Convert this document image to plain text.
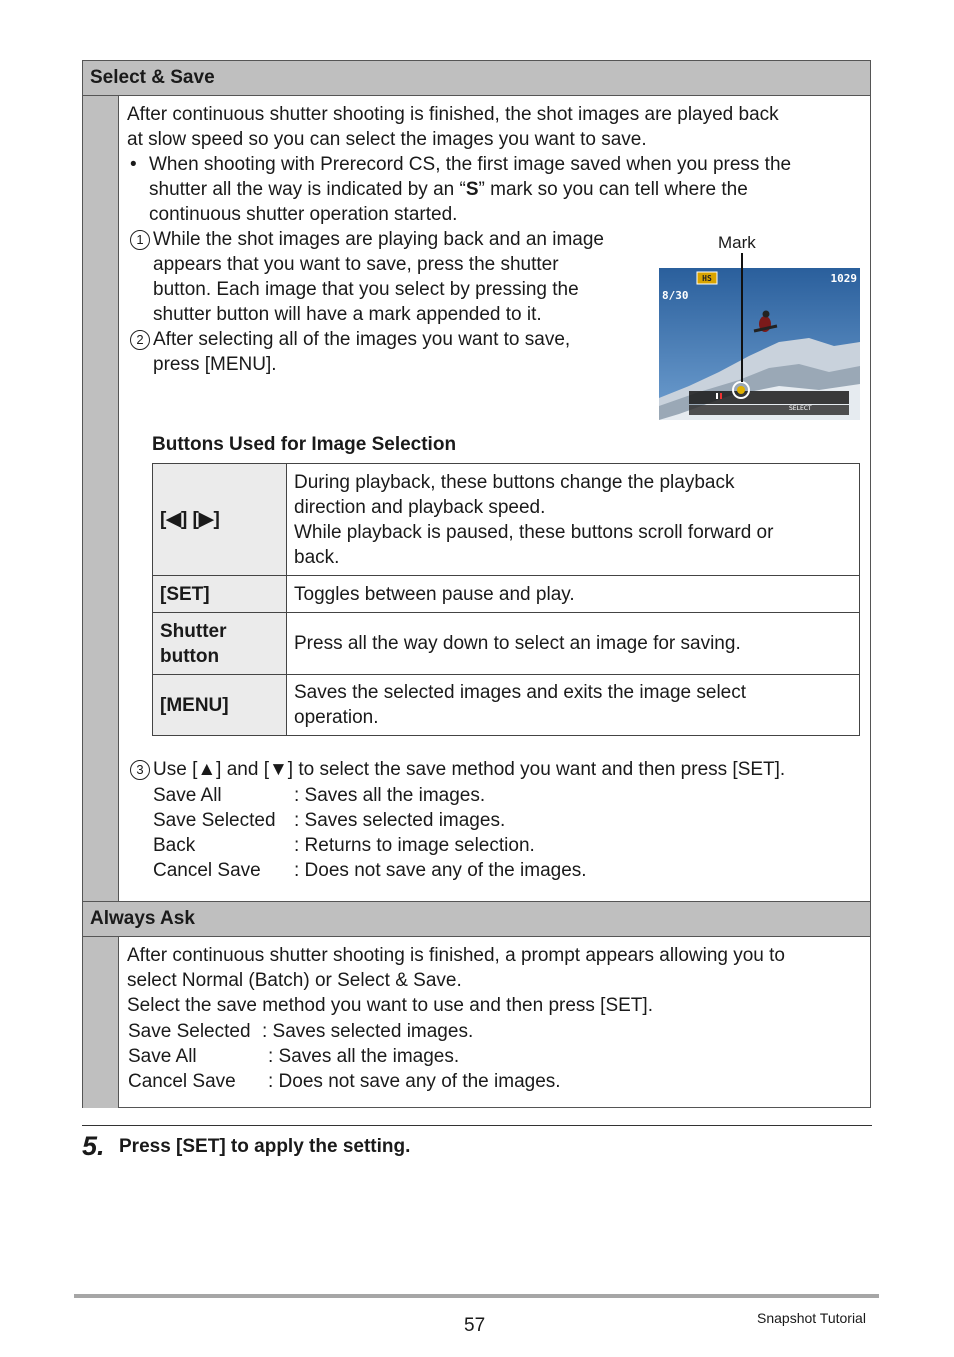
Select & Save
After continuous shutter shooting is finished, the shot images are played back
at slow speed so you can select the images you want to save.
• When shooting with Prerecord CS, the first image saved when you press the
shutter all the way is indicated by an “S” mark so you can tell where the
continuous shutter operation started.
1 While the shot images are playing back and an image
appears that you want to save, press the shutter
button. Each image that you select by pressing the
shutter button will have a mark appended to it.
2 After selecting all of the images you want to save,
press [MENU].
Mark
HS
8/30
1029
SELECT
Buttons Used for Image Selection
[◀] [▶]	During playback, these buttons change the playback
direction and playback speed.
While playback is paused, these buttons scroll forward or
back.

[SET]	Toggles between pause and play.

Shutter
button	Press all the way down to select an image for saving.
[MENU]	Saves the selected images and exits the image select
operation.
3 Use [▲] and [▼] to select the save method you want and then press [SET].
Save All	: Saves all the images.
Save Selected : Saves selected images.
Back	: Returns to image selection.
Cancel Save : Does not save any of the images.
Always Ask
After continuous shutter shooting is finished, a prompt appears allowing you to
select Normal (Batch) or Select & Save.
Select the save method you want to use and then press [SET].
Save Selected : Saves selected images.
Save All	: Saves all the images.
Cancel Save : Does not save any of the images.
5. Press [SET] to apply the setting.
57	Snapshot Tutorial
